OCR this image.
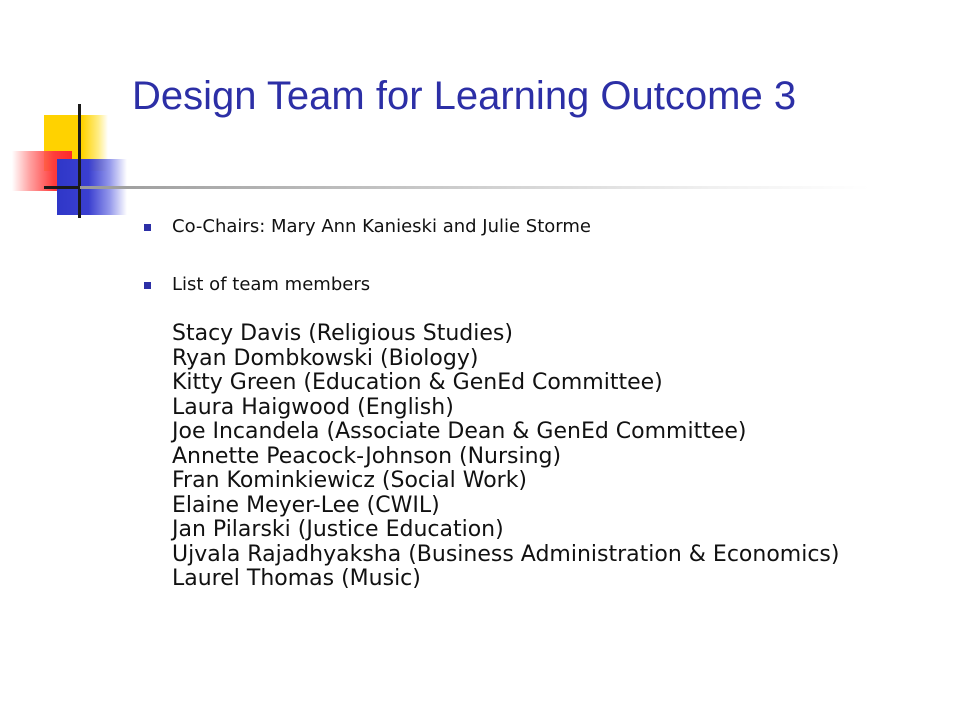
Design Team for Learning Outcome 3
Co-Chairs: Mary Ann Kanieski and Julie Storme
List of team members
Stacy Davis (Religious Studies)
Ryan Dombkowski (Biology)
Kitty Green (Education & GenEd Committee)
Laura Haigwood (English)
Joe Incandela (Associate Dean & GenEd Committee)
Annette Peacock-Johnson (Nursing)
Fran Kominkiewicz (Social Work)
Elaine Meyer-Lee (CWIL)
Jan Pilarski (Justice Education)
Ujvala Rajadhyaksha (Business Administration & Economics)
Laurel Thomas (Music)
